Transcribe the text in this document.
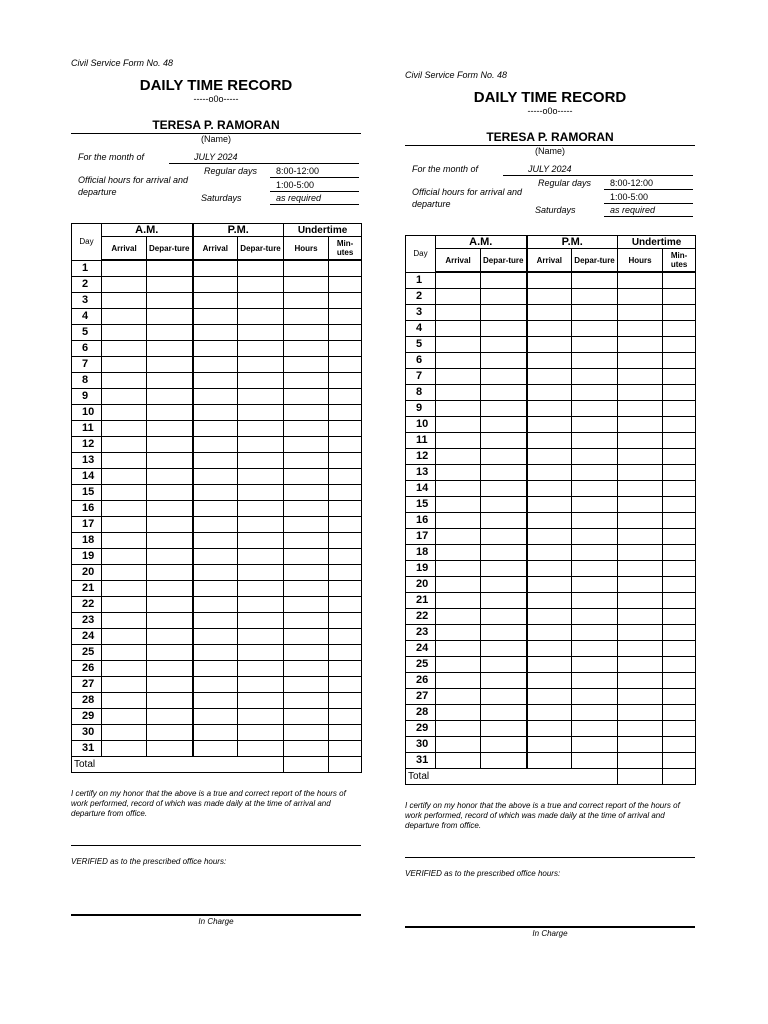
Civil Service Form No. 48
DAILY TIME RECORD
-----o0o-----
TERESA P. RAMORAN
(Name)
For the month of	JULY 2024
Official hours for arrival and departure
Regular days	8:00-12:00
1:00-5:00
Saturdays	as required
Day	A.M.		P.M.		Undertime	
	Arrival	Depar-ture	Arrival	Depar-ture	Hours	Min-utes
1						
2						
3						
4						
5						
6						
7						
8						
9						
10						
11						
12						
13						
14						
15						
16						
17						
18						
19						
20						
21						
22						
23						
24						
25						
26						
27						
28						
29						
30						
31						
Total						
I certify on my honor that the above is a true and correct report of the hours of work performed, record of which was made daily at the time of arrival and departure from office.
VERIFIED as to the prescribed office hours:
In Charge
Civil Service Form No. 48
DAILY TIME RECORD
-----o0o-----
TERESA P. RAMORAN
(Name)
For the month of	JULY 2024
Official hours for arrival and departure
Regular days	8:00-12:00
1:00-5:00
Saturdays	as required
Day	A.M.		P.M.		Undertime	
	Arrival	Depar-ture	Arrival	Depar-ture	Hours	Min-utes
1						
2						
3						
4						
5						
6						
7						
8						
9						
10						
11						
12						
13						
14						
15						
16						
17						
18						
19						
20						
21						
22						
23						
24						
25						
26						
27						
28						
29						
30						
31						
Total						
I certify on my honor that the above is a true and correct report of the hours of work performed, record of which was made daily at the time of arrival and departure from office.
VERIFIED as to the prescribed office hours:
In Charge
